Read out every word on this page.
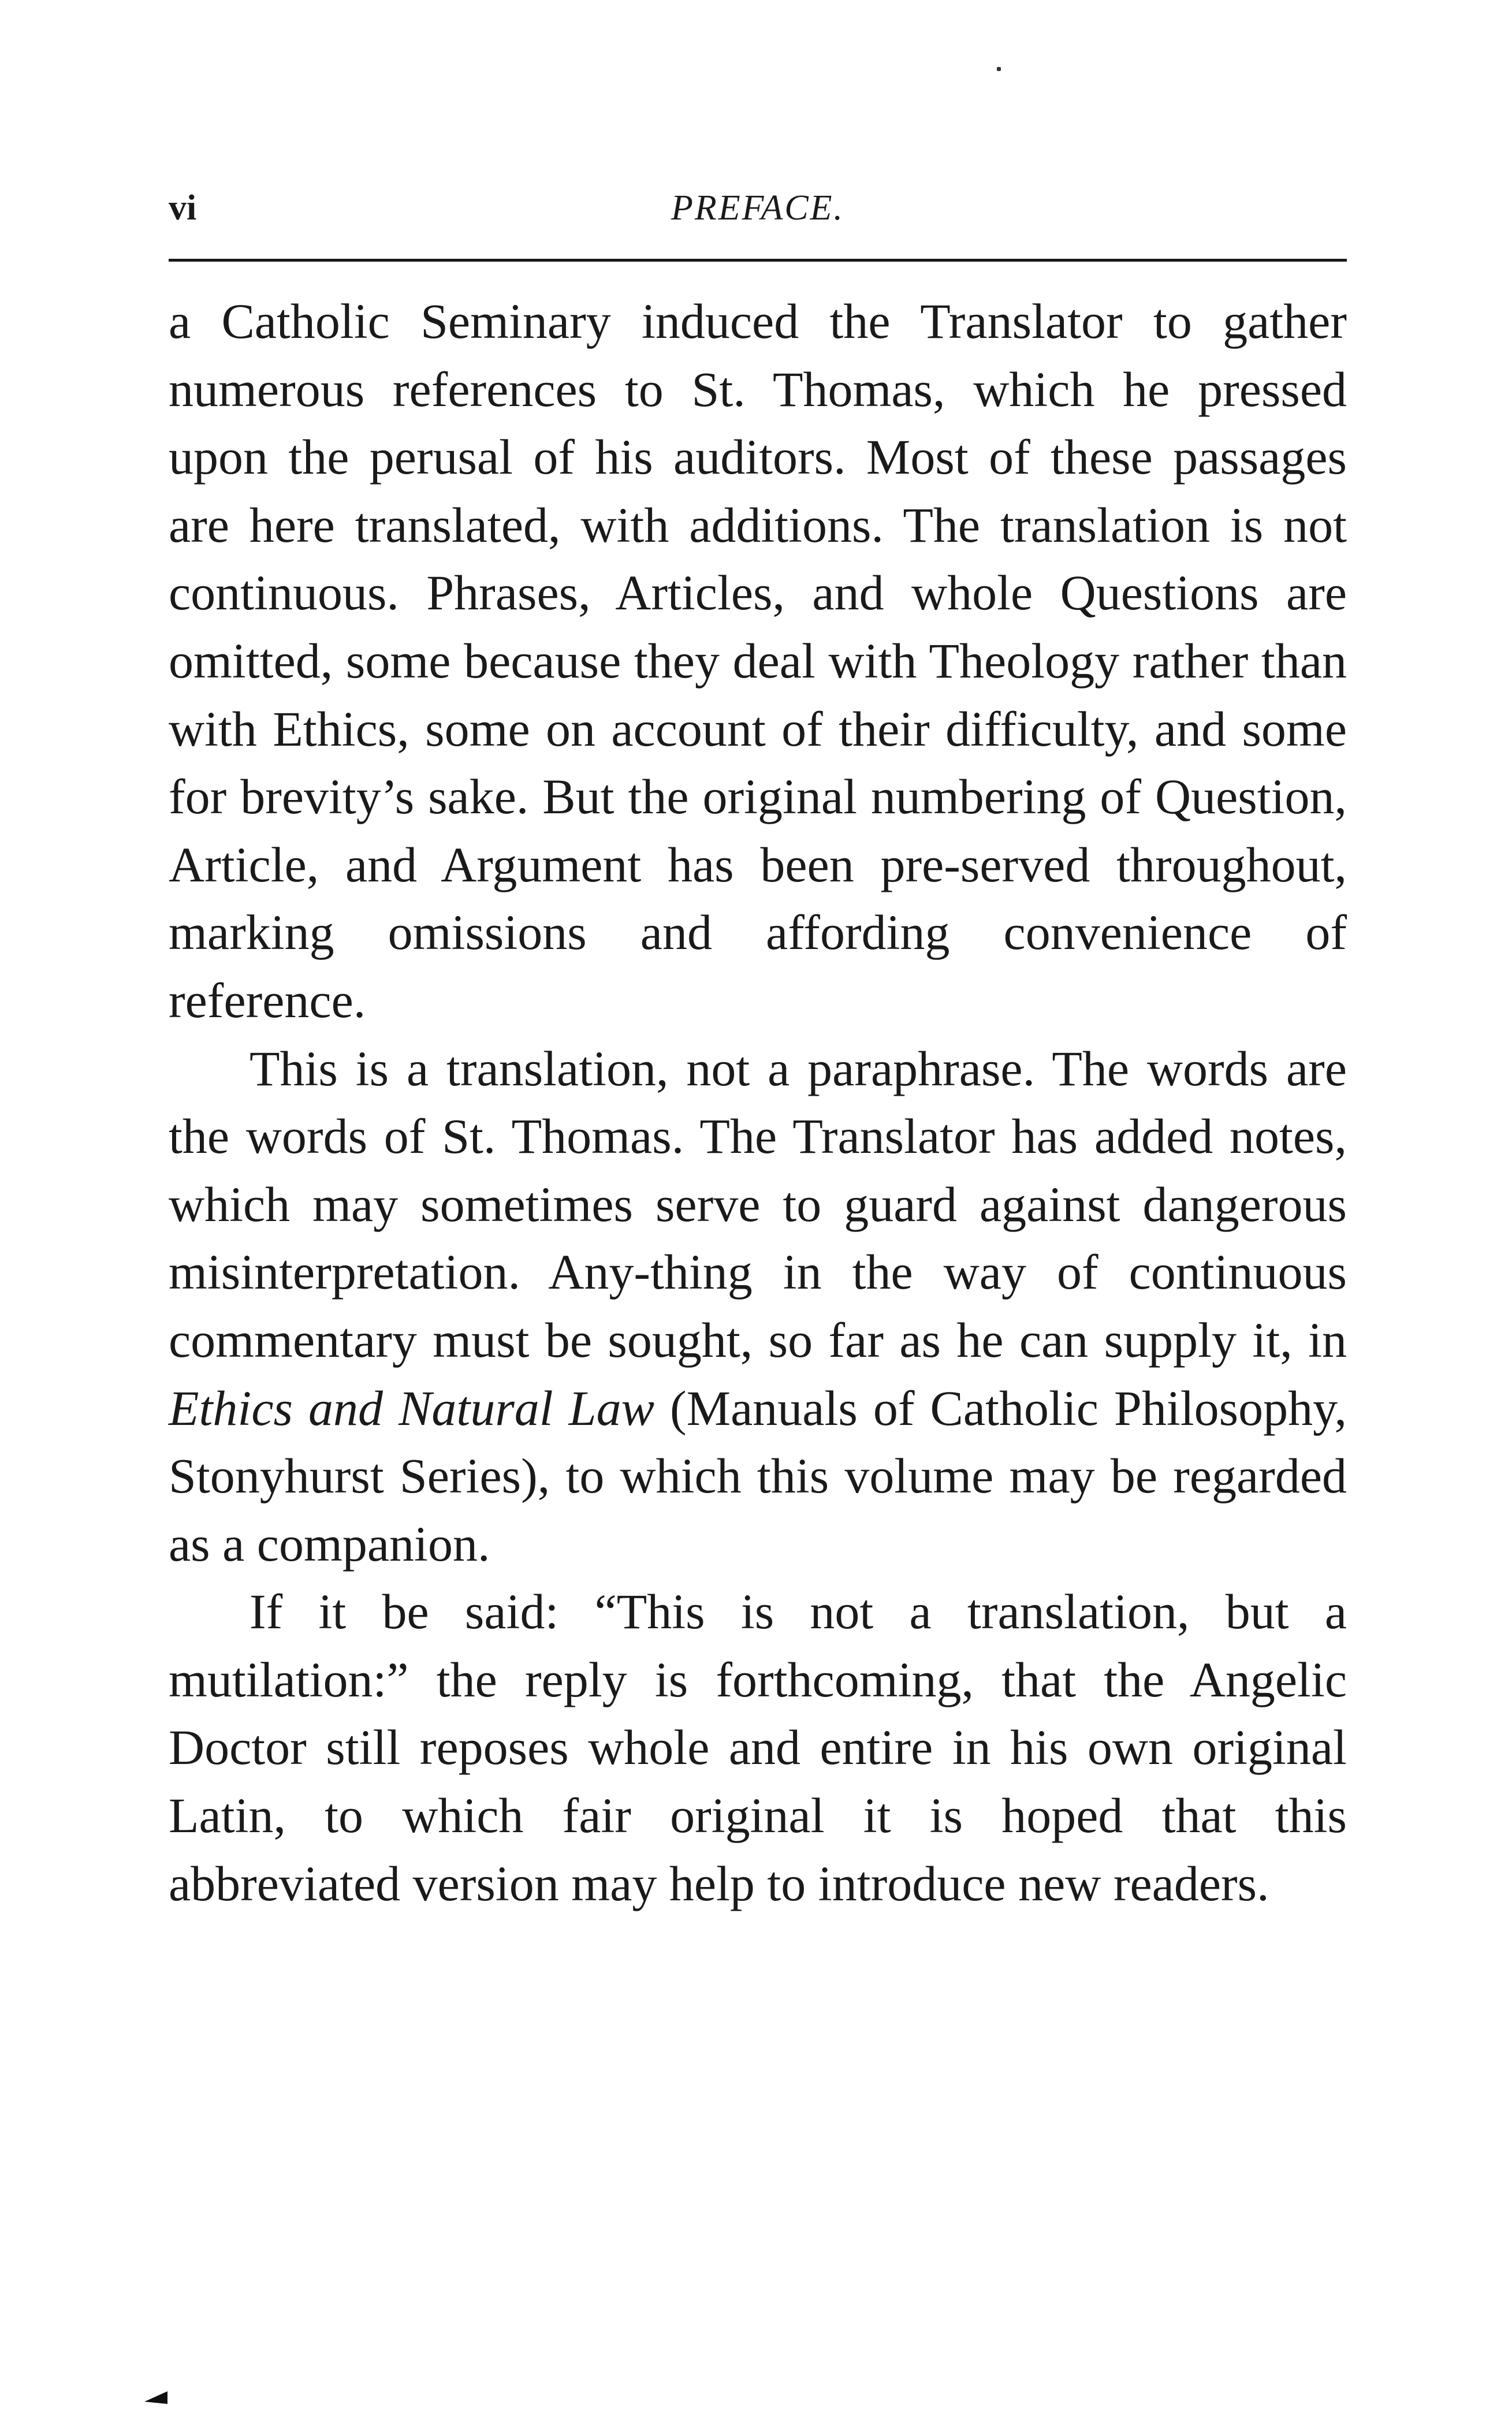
vi	PREFACE.

a Catholic Seminary induced the Translator to gather numerous references to St. Thomas, which he pressed upon the perusal of his auditors. Most of these passages are here translated, with additions. The translation is not continuous. Phrases, Articles, and whole Questions are omitted, some because they deal with Theology rather than with Ethics, some on account of their difficulty, and some for brevity’s sake. But the original numbering of Question, Article, and Argument has been pre-served throughout, marking omissions and affording convenience of reference.

This is a translation, not a paraphrase. The words are the words of St. Thomas. The Translator has added notes, which may sometimes serve to guard against dangerous misinterpretation. Any-thing in the way of continuous commentary must be sought, so far as he can supply it, in Ethics and Natural Law (Manuals of Catholic Philosophy, Stonyhurst Series), to which this volume may be regarded as a companion.

If it be said: “This is not a translation, but a mutilation:” the reply is forthcoming, that the Angelic Doctor still reposes whole and entire in his own original Latin, to which fair original it is hoped that this abbreviated version may help to introduce new readers.
